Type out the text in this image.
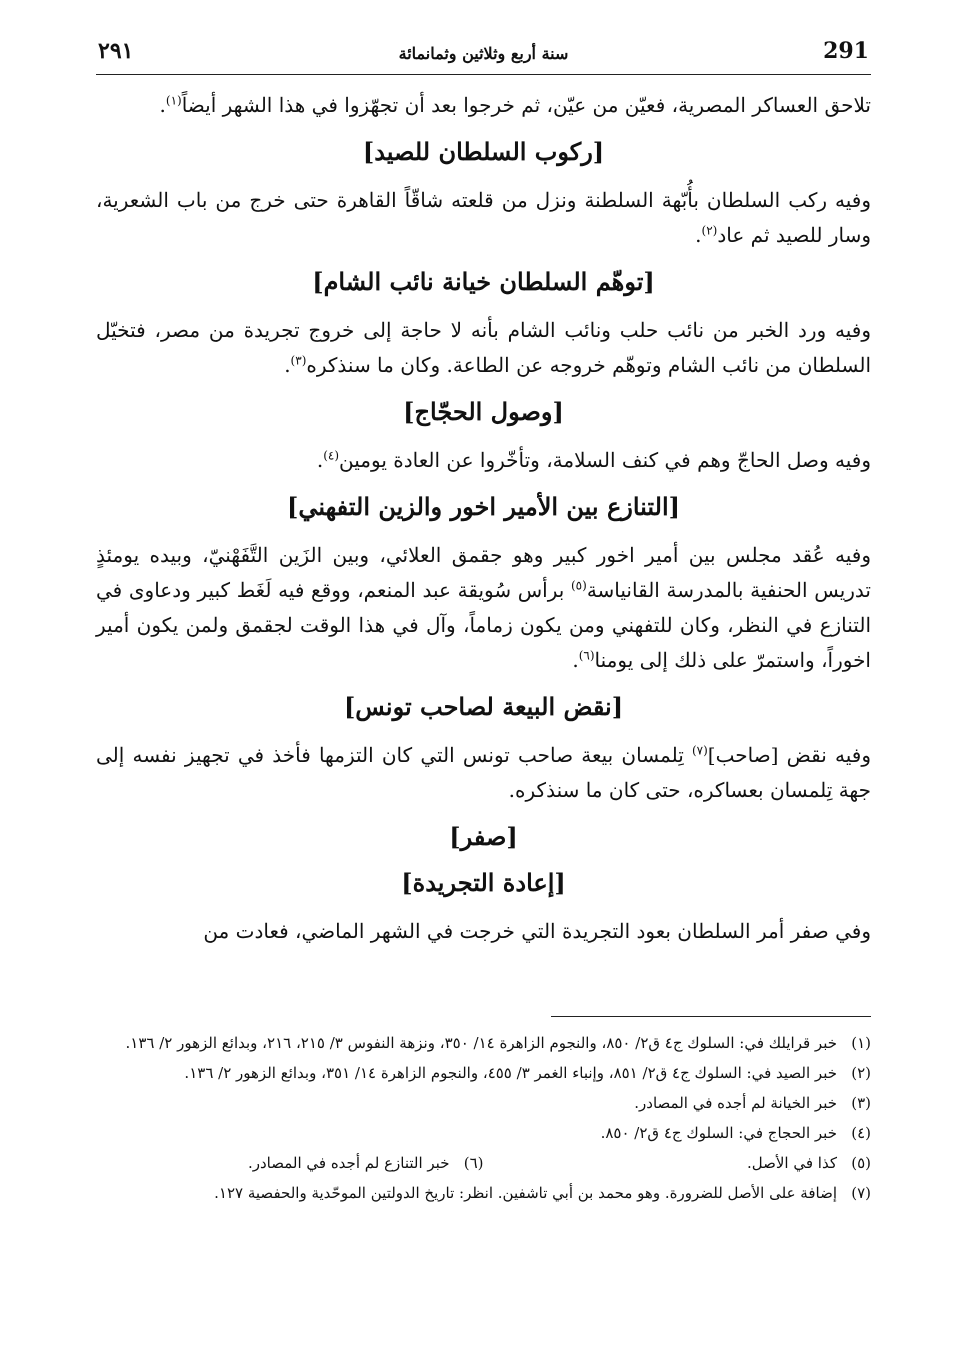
٢٩١	سنة أربع وثلاثين وثمانمائة	291

تلاحق العساكر المصرية، فعيّن من عيّن، ثم خرجوا بعد أن تجهّزوا في هذا الشهر أيضاً$^{(١)}$.

[ركوب السلطان للصيد]

وفيه ركب السلطان بأُبّهة السلطنة ونزل من قلعته شاقّاً القاهرة حتى خرج من باب الشعرية، وسار للصيد ثم عاد$^{(٢)}$.

[توهّم السلطان خيانة نائب الشام]

وفيه ورد الخبر من نائب حلب ونائب الشام بأنه لا حاجة إلى خروج تجريدة من مصر، فتخيّل السلطان من نائب الشام وتوهّم خروجه عن الطاعة. وكان ما سنذكره$^{(٣)}$.

[وصول الحجّاج]

وفيه وصل الحاجّ وهم في كنف السلامة، وتأخّروا عن العادة يومين$^{(٤)}$.

[التنازع بين الأمير اخور والزين التفهني]

وفيه عُقد مجلس بين أمير اخور كبير وهو جقمق العلائي، وبين الزَين التَّفَهْنيّ، وبيده يومئذٍ تدريس الحنفية بالمدرسة القانياسة$^{(٥)}$ برأس سُويقة عبد المنعم، ووقع فيه لَغَط كبير ودعاوى في التنازع في النظر، وكان للتفهني ومن يكون زماماً، وآل في هذا الوقت لجقمق ولمن يكون أمير اخوراً، واستمرّ على ذلك إلى يومنا$^{(٦)}$.

[نقض البيعة لصاحب تونس]

وفيه نقض [صاحب]$^{(٧)}$ تِلمسان بيعة صاحب تونس التي كان التزمها فأخذ في تجهيز نفسه إلى جهة تِلمسان بعساكره، حتى كان ما سنذكره.

[صفر]
[إعادة التجريدة]

وفي صفر أمر السلطان بعود التجريدة التي خرجت في الشهر الماضي، فعادت من

(١)
خبر قرايلك في: السلوك ج٤ ق٢/ ٨٥٠، والنجوم الزاهرة ١٤/ ٣٥٠، ونزهة النفوس ٣/ ٢١٥، ٢١٦، وبدائع الزهور ٢/ ١٣٦.
(٢)
خبر الصيد في: السلوك ج٤ ق٢/ ٨٥١، وإنباء الغمر ٣/ ٤٥٥، والنجوم الزاهرة ١٤/ ٣٥١، وبدائع الزهور ٢/ ١٣٦.
(٣)
خبر الخيانة لم أجده في المصادر.
(٤)
خبر الحجاج في: السلوك ج٤ ق٢/ ٨٥٠.
(٥)
كذا في الأصل.
(٦)
خبر التنازع لم أجده في المصادر.
(٧)
إضافة على الأصل للضرورة. وهو محمد بن أبي تاشفين. انظر: تاريخ الدولتين الموحّدية والحفصية ١٢٧.
